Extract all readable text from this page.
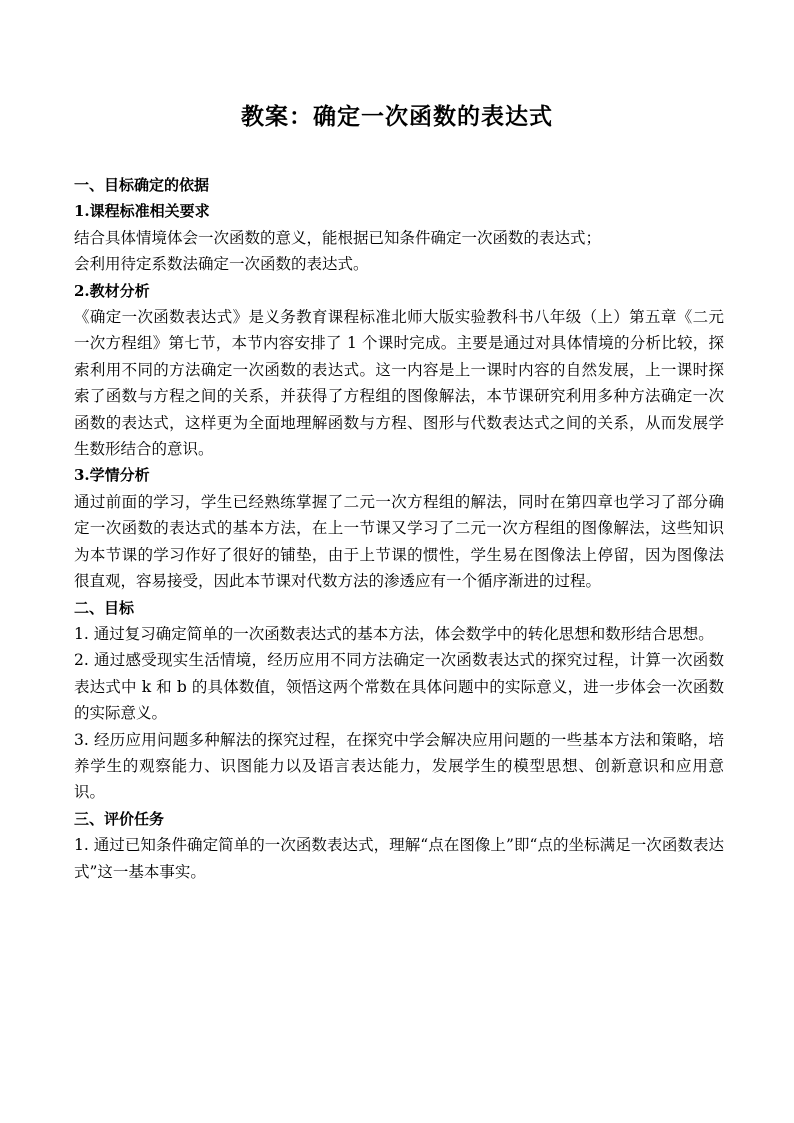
教案：确定一次函数的表达式

一、目标确定的依据

1.课程标准相关要求

结合具体情境体会一次函数的意义，能根据已知条件确定一次函数的表达式；

会利用待定系数法确定一次函数的表达式。

2.教材分析

《确定一次函数表达式》是义务教育课程标准北师大版实验教科书八年级（上）第五章《二元一次方程组》第七节，本节内容安排了 1 个课时完成。主要是通过对具体情境的分析比较，探索利用不同的方法确定一次函数的表达式。这一内容是上一课时内容的自然发展，上一课时探索了函数与方程之间的关系，并获得了方程组的图像解法，本节课研究利用多种方法确定一次函数的表达式，这样更为全面地理解函数与方程、图形与代数表达式之间的关系，从而发展学生数形结合的意识。

3.学情分析

通过前面的学习，学生已经熟练掌握了二元一次方程组的解法，同时在第四章也学习了部分确定一次函数的表达式的基本方法，在上一节课又学习了二元一次方程组的图像解法，这些知识为本节课的学习作好了很好的铺垫，由于上节课的惯性，学生易在图像法上停留，因为图像法很直观，容易接受，因此本节课对代数方法的渗透应有一个循序渐进的过程。

二、目标

1. 通过复习确定简单的一次函数表达式的基本方法，体会数学中的转化思想和数形结合思想。

2. 通过感受现实生活情境，经历应用不同方法确定一次函数表达式的探究过程，计算一次函数表达式中 k 和 b 的具体数值，领悟这两个常数在具体问题中的实际意义，进一步体会一次函数的实际意义。

3. 经历应用问题多种解法的探究过程，在探究中学会解决应用问题的一些基本方法和策略，培养学生的观察能力、识图能力以及语言表达能力，发展学生的模型思想、创新意识和应用意识。

三、评价任务

1. 通过已知条件确定简单的一次函数表达式，理解“点在图像上”即“点的坐标满足一次函数表达式”这一基本事实。
